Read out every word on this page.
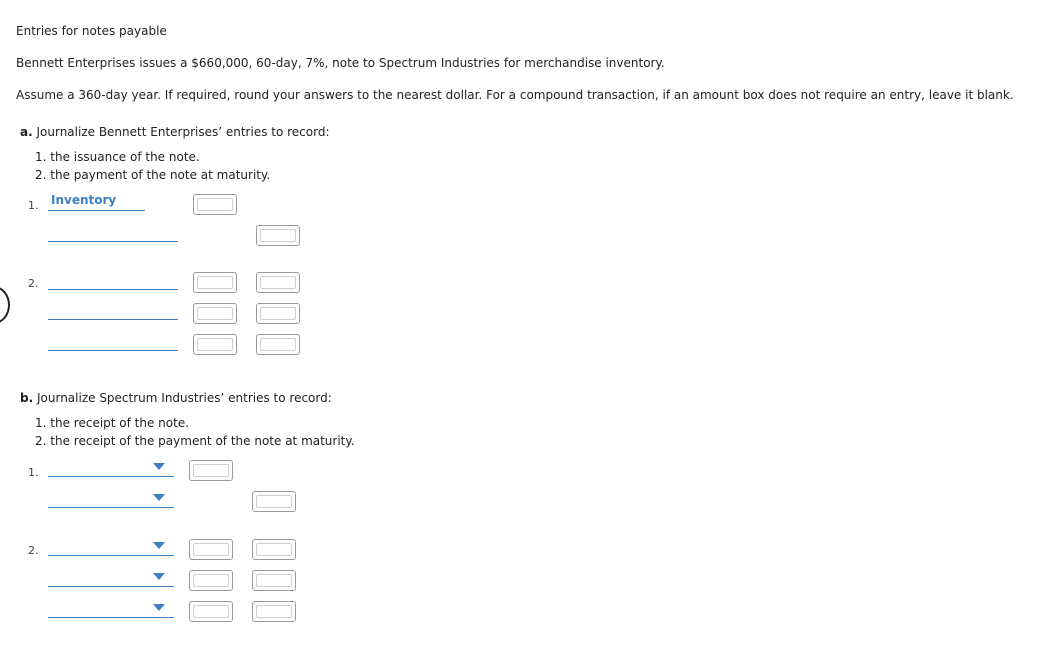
Entries for notes payable
Bennett Enterprises issues a $660,000, 60-day, 7%, note to Spectrum Industries for merchandise inventory.
Assume a 360-day year. If required, round your answers to the nearest dollar. For a compound transaction, if an amount box does not require an entry, leave it blank.
a. Journalize Bennett Enterprises’ entries to record:
1. the issuance of the note.
2. the payment of the note at maturity.
1. Inventory
2.
b. Journalize Spectrum Industries’ entries to record:
1. the receipt of the note.
2. the receipt of the payment of the note at maturity.
1.
2.
